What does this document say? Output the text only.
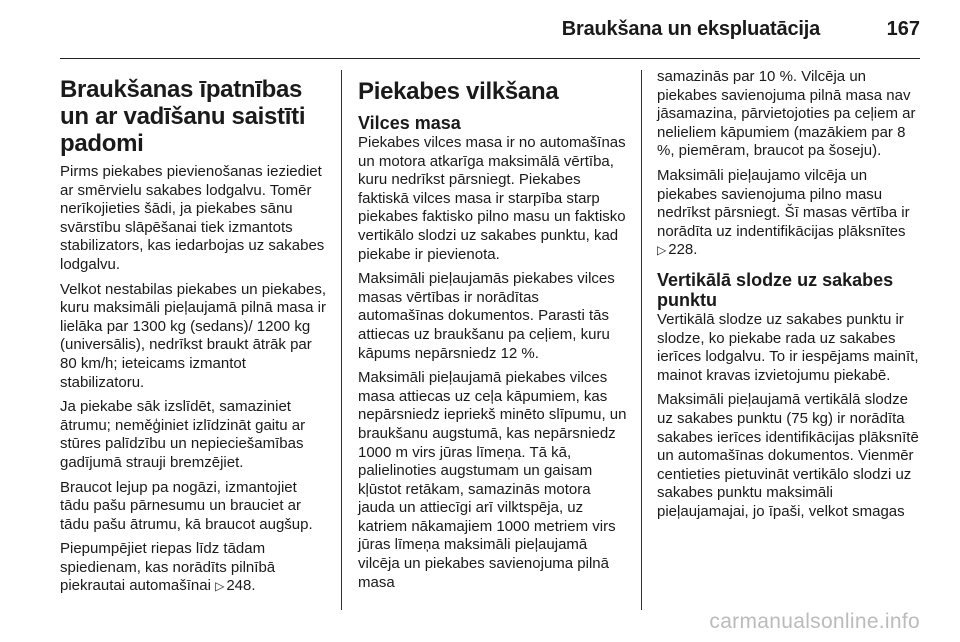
Braukšana un ekspluatācija	167
Braukšanas īpatnības un ar vadīšanu saistīti padomi

Pirms piekabes pievienošanas ieziediet ar smērvielu sakabes lodgalvu. Tomēr nerīkojieties šādi, ja piekabes sānu svārstību slāpēšanai tiek izmantots stabilizators, kas iedarbojas uz sakabes lodgalvu.

Velkot nestabilas piekabes un piekabes, kuru maksimāli pieļaujamā pilnā masa ir lielāka par 1300 kg (sedans)/ 1200 kg (universālis), nedrīkst braukt ātrāk par 80 km/h; ieteicams izmantot stabilizatoru.

Ja piekabe sāk izslīdēt, samaziniet ātrumu; neměģiniet izlīdzināt gaitu ar stūres palīdzību un nepieciešamības gadījumā strauji bremzējiet.

Braucot lejup pa nogāzi, izmantojiet tādu pašu pārnesumu un brauciet ar tādu pašu ātrumu, kā braucot augšup.

Piepumpējiet riepas līdz tādam spiedienam, kas norādīts pilnībā piekrautai automašīnai ▷ 248.

Piekabes vilkšana
Vilces masa

Piekabes vilces masa ir no automašīnas un motora atkarīga maksimālā vērtība, kuru nedrīkst pārsniegt. Piekabes faktiskā vilces masa ir starpība starp piekabes faktisko pilno masu un faktisko vertikālo slodzi uz sakabes punktu, kad piekabe ir pievienota.

Maksimāli pieļaujamās piekabes vilces masas vērtības ir norādītas automašīnas dokumentos. Parasti tās attiecas uz braukšanu pa ceļiem, kuru kāpums nepārsniedz 12 %.

Maksimāli pieļaujamā piekabes vilces masa attiecas uz ceļa kāpumiem, kas nepārsniedz iepriekš minēto slīpumu, un braukšanu augstumā, kas nepārsniedz 1000 m virs jūras līmeņa. Tā kā, palielinoties augstumam un gaisam kļūstot retākam, samazinās motora jauda un attiecīgi arī vilktspēja, uz katriem nākamajiem 1000 metriem virs jūras līmeņa maksimāli pieļaujamā vilcēja un piekabes savienojuma pilnā masa

samazinās par 10 %. Vilcēja un piekabes savienojuma pilnā masa nav jāsamazina, pārvietojoties pa ceļiem ar nelieliem kāpumiem (mazākiem par 8 %, piemēram, braucot pa šoseju).

Maksimāli pieļaujamo vilcēja un piekabes savienojuma pilno masu nedrīkst pārsniegt. Šī masas vērtība ir norādīta uz indentifikācijas plāksnītes ▷ 228.

Vertikālā slodze uz sakabes punktu

Vertikālā slodze uz sakabes punktu ir slodze, ko piekabe rada uz sakabes ierīces lodgalvu. To ir iespējams mainīt, mainot kravas izvietojumu piekabē.

Maksimāli pieļaujamā vertikālā slodze uz sakabes punktu (75 kg) ir norādīta sakabes ierīces identifikācijas plāksnītē un automašīnas dokumentos. Vienmēr centieties pietuvināt vertikālo slodzi uz sakabes punktu maksimāli pieļaujamajai, jo īpaši, velkot smagas

carmanualsonline.info
